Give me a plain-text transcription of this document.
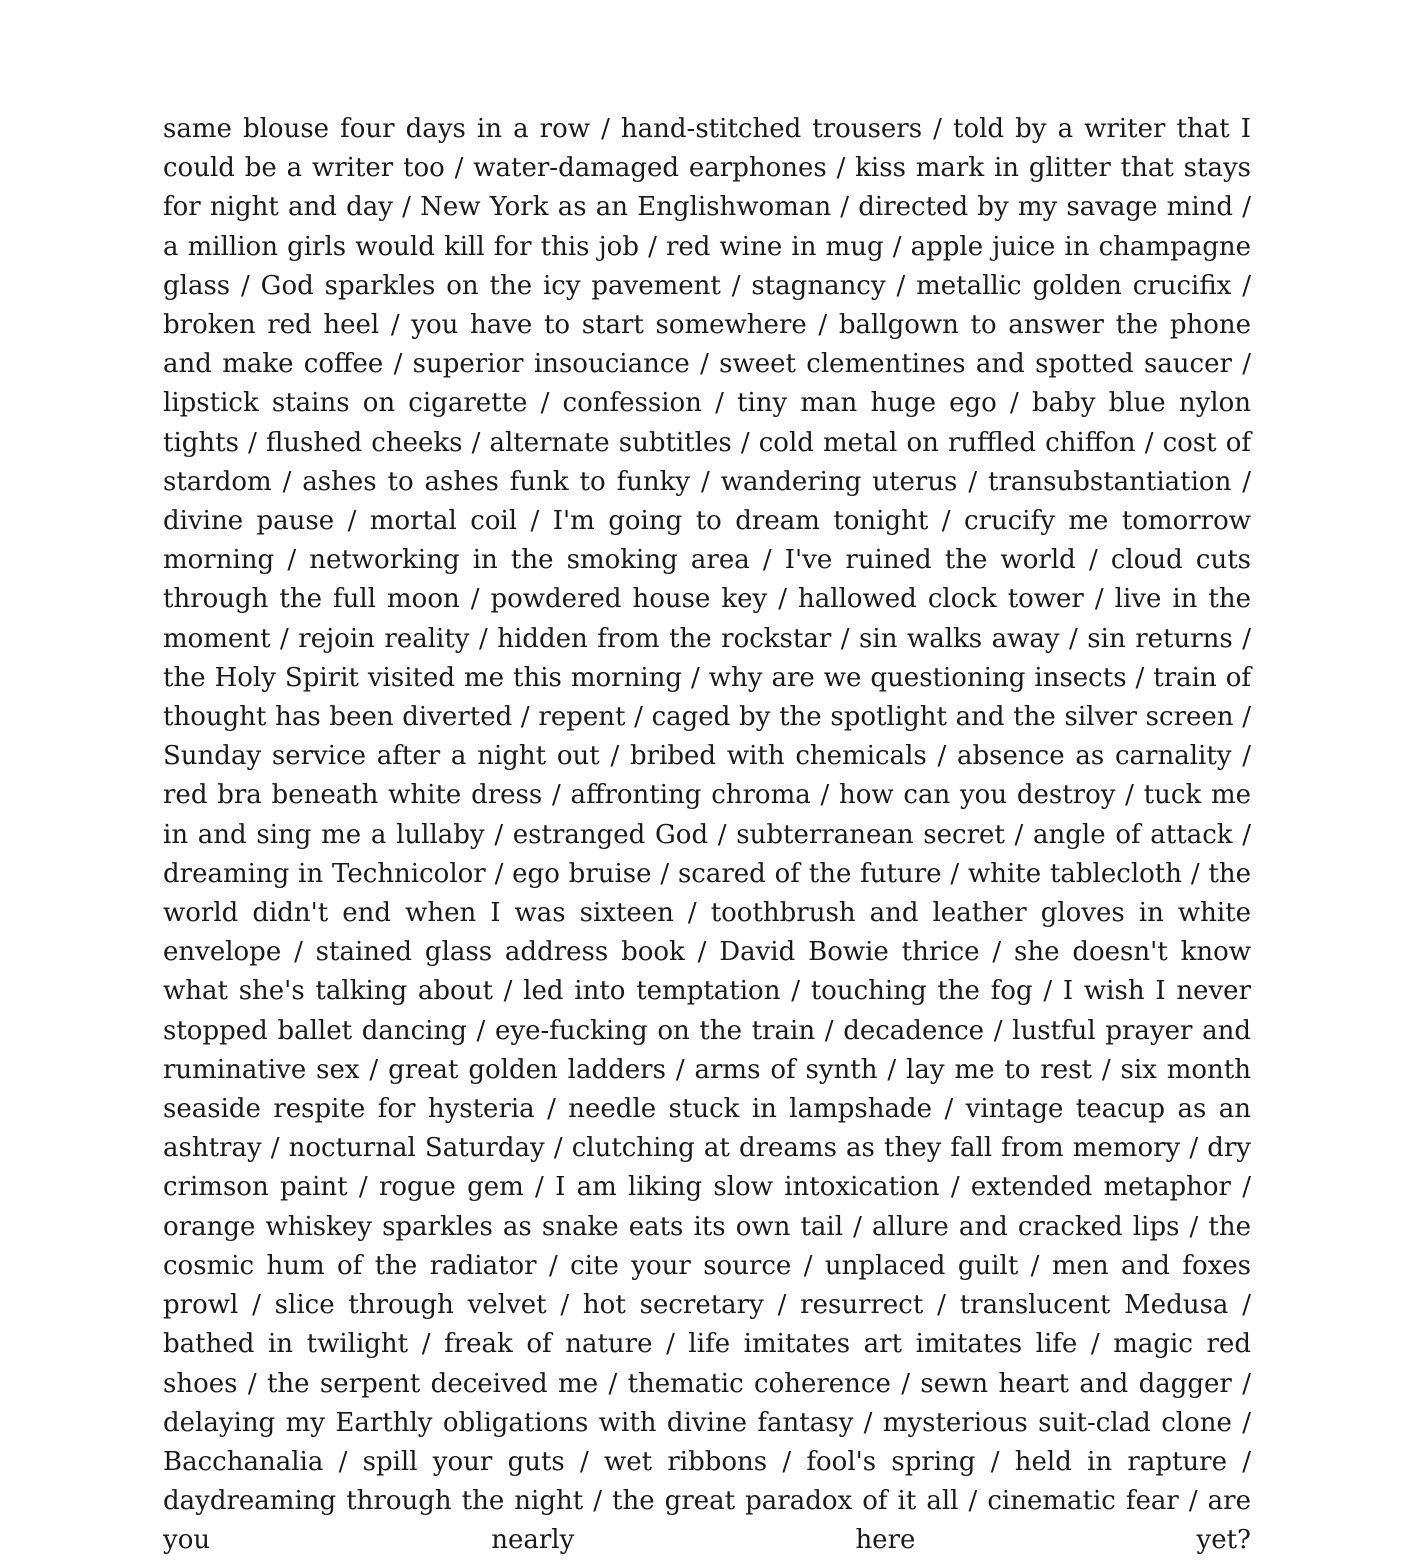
same blouse four days in a row / hand-stitched trousers / told by a writer that I could be a writer too / water-damaged earphones / kiss mark in glitter that stays for night and day / New York as an Englishwoman / directed by my savage mind / a million girls would kill for this job / red wine in mug / apple juice in champagne glass / God sparkles on the icy pavement / stagnancy / metallic golden crucifix / broken red heel / you have to start somewhere / ballgown to answer the phone and make coffee / superior insouciance / sweet clementines and spotted saucer / lipstick stains on cigarette / confession / tiny man huge ego / baby blue nylon tights / flushed cheeks / alternate subtitles / cold metal on ruffled chiffon / cost of stardom / ashes to ashes funk to funky / wandering uterus / transubstantiation / divine pause / mortal coil / I'm going to dream tonight / crucify me tomorrow morning / networking in the smoking area / I've ruined the world / cloud cuts through the full moon / powdered house key / hallowed clock tower / live in the moment / rejoin reality / hidden from the rockstar / sin walks away / sin returns / the Holy Spirit visited me this morning / why are we questioning insects / train of thought has been diverted / repent / caged by the spotlight and the silver screen / Sunday service after a night out / bribed with chemicals / absence as carnality / red bra beneath white dress / affronting chroma / how can you destroy / tuck me in and sing me a lullaby / estranged God / subterranean secret / angle of attack / dreaming in Technicolor / ego bruise / scared of the future / white tablecloth / the world didn't end when I was sixteen / toothbrush and leather gloves in white envelope / stained glass address book / David Bowie thrice / she doesn't know what she's talking about / led into temptation / touching the fog / I wish I never stopped ballet dancing / eye-fucking on the train / decadence / lustful prayer and ruminative sex / great golden ladders / arms of synth / lay me to rest / six month seaside respite for hysteria / needle stuck in lampshade / vintage teacup as an ashtray / nocturnal Saturday / clutching at dreams as they fall from memory / dry crimson paint / rogue gem / I am liking slow intoxication / extended metaphor / orange whiskey sparkles as snake eats its own tail / allure and cracked lips / the cosmic hum of the radiator / cite your source / unplaced guilt / men and foxes prowl / slice through velvet / hot secretary / resurrect / translucent Medusa / bathed in twilight / freak of nature / life imitates art imitates life / magic red shoes / the serpent deceived me / thematic coherence / sewn heart and dagger / delaying my Earthly obligations with divine fantasy / mysterious suit-clad clone / Bacchanalia / spill your guts / wet ribbons / fool's spring / held in rapture / daydreaming through the night / the great paradox of it all / cinematic fear / are you nearly here yet?
